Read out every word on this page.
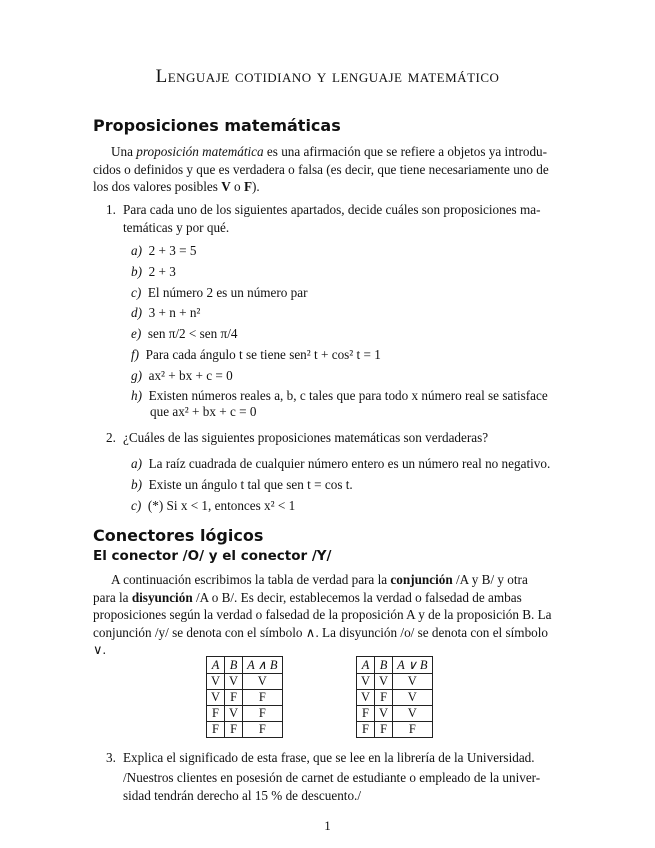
Lenguaje cotidiano y lenguaje matemático
Proposiciones matemáticas
Una proposición matemática es una afirmación que se refiere a objetos ya introdu-
cidos o definidos y que es verdadera o falsa (es decir, que tiene necesariamente uno de
los dos valores posibles V o F).
1. Para cada uno de los siguientes apartados, decide cuáles son proposiciones ma-
temáticas y por qué.
a) 2 + 3 = 5
b) 2 + 3
c) El número 2 es un número par
d) 3 + n + n²
e) sen π/2 < sen π/4
f) Para cada ángulo t se tiene sen² t + cos² t = 1
g) ax² + bx + c = 0
h) Existen números reales a, b, c tales que para todo x número real se satisface
que ax² + bx + c = 0
2. ¿Cuáles de las siguientes proposiciones matemáticas son verdaderas?
a) La raíz cuadrada de cualquier número entero es un número real no negativo.
b) Existe un ángulo t tal que sen t = cos t.
c) (*) Si x < 1, entonces x² < 1
Conectores lógicos
El conector /O/ y el conector /Y/
A continuación escribimos la tabla de verdad para la conjunción /A y B/ y otra
para la disyunción /A o B/. Es decir, establecemos la verdad o falsedad de ambas
proposiciones según la verdad o falsedad de la proposición A y de la proposición B. La
conjunción /y/ se denota con el símbolo ∧. La disyunción /o/ se denota con el símbolo
∨.
A	B	A ∧ B
V	V	V
V	F	F
F	V	F
F	F	F
A	B	A ∨ B
V	V	V
V	F	V
F	V	V
F	F	F
3. Explica el significado de esta frase, que se lee en la librería de la Universidad.
/Nuestros clientes en posesión de carnet de estudiante o empleado de la univer-
sidad tendrán derecho al 15 % de descuento./
1
